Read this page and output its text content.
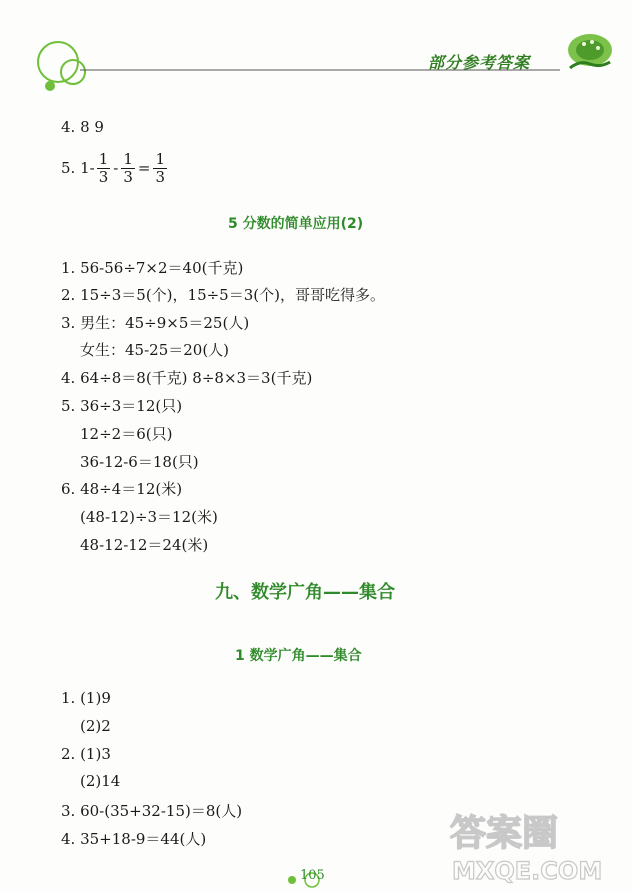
部分参考答案
4. 8 9
5. $1- \frac{1}{3} - \frac{1}{3} = \frac{1}{3}$
5 分数的简单应用(2)
1. 56-56÷7×2＝40(千克)
2. 15÷3＝5(个)，15÷5＝3(个)，哥哥吃得多。
3. 男生：45÷9×5＝25(人)
女生：45-25＝20(人)
4. 64÷8＝8(千克) 8÷8×3＝3(千克)
5. 36÷3＝12(只)
12÷2＝6(只)
36-12-6＝18(只)
6. 48÷4＝12(米)
(48-12)÷3＝12(米)
48-12-12＝24(米)
九、数学广角——集合
1 数学广角——集合
1. (1)9
(2)2
2. (1)3
(2)14
3. 60-(35+32-15)＝8(人)
4. 35+18-9＝44(人)	答案圈
MXQE.COM
105
